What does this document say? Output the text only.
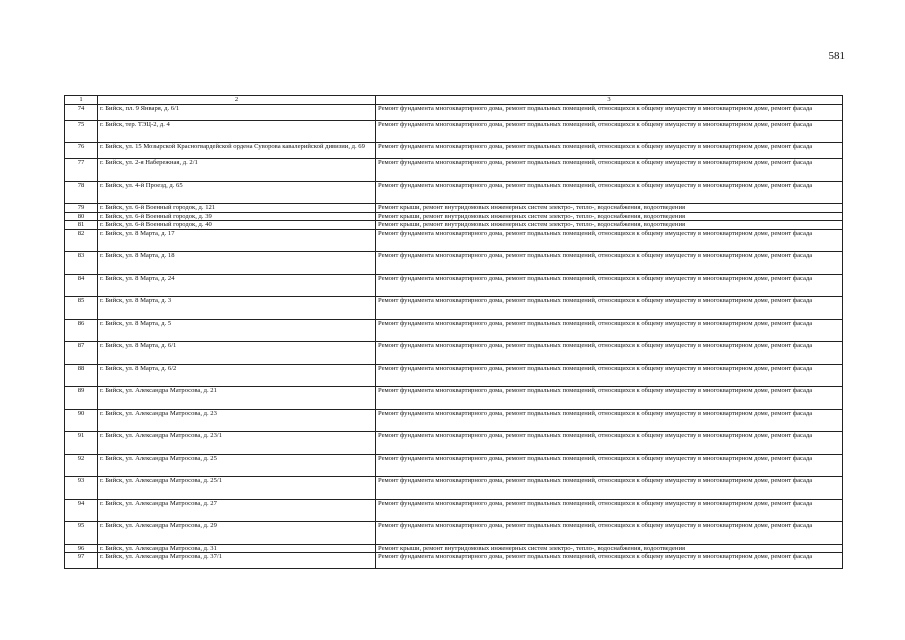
581
1	2	3
74	г. Бийск, пл. 9 Января, д. 6/1	Ремонт фундамента многоквартирного дома, ремонт подвальных помещений, относящихся к общему имуществу в многоквартирном доме, ремонт фасада
75	г. Бийск, тер. ТЭЦ-2, д. 4	Ремонт фундамента многоквартирного дома, ремонт подвальных помещений, относящихся к общему имуществу в многоквартирном доме, ремонт фасада
76	г. Бийск, ул. 15 Мозырской Красногвардейской ордена Суворова кавалерийской дивизии, д. 69	Ремонт фундамента многоквартирного дома, ремонт подвальных помещений, относящихся к общему имуществу в многоквартирном доме, ремонт фасада
77	г. Бийск, ул. 2-я Набережная, д. 2/1	Ремонт фундамента многоквартирного дома, ремонт подвальных помещений, относящихся к общему имуществу в многоквартирном доме, ремонт фасада
78	г. Бийск, ул. 4-й Проезд, д. 65	Ремонт фундамента многоквартирного дома, ремонт подвальных помещений, относящихся к общему имуществу в многоквартирном доме, ремонт фасада
79	г. Бийск, ул. 6-й Военный городок, д. 121	Ремонт крыши, ремонт внутридомовых инженерных систем электро-, тепло-, водоснабжения, водоотведения
80	г. Бийск, ул. 6-й Военный городок, д. 39	Ремонт крыши, ремонт внутридомовых инженерных систем электро-, тепло-, водоснабжения, водоотведения
81	г. Бийск, ул. 6-й Военный городок, д. 40	Ремонт крыши, ремонт внутридомовых инженерных систем электро-, тепло-, водоснабжения, водоотведения
82	г. Бийск, ул. 8 Марта, д. 17	Ремонт фундамента многоквартирного дома, ремонт подвальных помещений, относящихся к общему имуществу в многоквартирном доме, ремонт фасада
83	г. Бийск, ул. 8 Марта, д. 18	Ремонт фундамента многоквартирного дома, ремонт подвальных помещений, относящихся к общему имуществу в многоквартирном доме, ремонт фасада
84	г. Бийск, ул. 8 Марта, д. 24	Ремонт фундамента многоквартирного дома, ремонт подвальных помещений, относящихся к общему имуществу в многоквартирном доме, ремонт фасада
85	г. Бийск, ул. 8 Марта, д. 3	Ремонт фундамента многоквартирного дома, ремонт подвальных помещений, относящихся к общему имуществу в многоквартирном доме, ремонт фасада
86	г. Бийск, ул. 8 Марта, д. 5	Ремонт фундамента многоквартирного дома, ремонт подвальных помещений, относящихся к общему имуществу в многоквартирном доме, ремонт фасада
87	г. Бийск, ул. 8 Марта, д. 6/1	Ремонт фундамента многоквартирного дома, ремонт подвальных помещений, относящихся к общему имуществу в многоквартирном доме, ремонт фасада
88	г. Бийск, ул. 8 Марта, д. 6/2	Ремонт фундамента многоквартирного дома, ремонт подвальных помещений, относящихся к общему имуществу в многоквартирном доме, ремонт фасада
89	г. Бийск, ул. Александра Матросова, д. 21	Ремонт фундамента многоквартирного дома, ремонт подвальных помещений, относящихся к общему имуществу в многоквартирном доме, ремонт фасада
90	г. Бийск, ул. Александра Матросова, д. 23	Ремонт фундамента многоквартирного дома, ремонт подвальных помещений, относящихся к общему имуществу в многоквартирном доме, ремонт фасада
91	г. Бийск, ул. Александра Матросова, д. 23/1	Ремонт фундамента многоквартирного дома, ремонт подвальных помещений, относящихся к общему имуществу в многоквартирном доме, ремонт фасада
92	г. Бийск, ул. Александра Матросова, д. 25	Ремонт фундамента многоквартирного дома, ремонт подвальных помещений, относящихся к общему имуществу в многоквартирном доме, ремонт фасада
93	г. Бийск, ул. Александра Матросова, д. 25/1	Ремонт фундамента многоквартирного дома, ремонт подвальных помещений, относящихся к общему имуществу в многоквартирном доме, ремонт фасада
94	г. Бийск, ул. Александра Матросова, д. 27	Ремонт фундамента многоквартирного дома, ремонт подвальных помещений, относящихся к общему имуществу в многоквартирном доме, ремонт фасада
95	г. Бийск, ул. Александра Матросова, д. 29	Ремонт фундамента многоквартирного дома, ремонт подвальных помещений, относящихся к общему имуществу в многоквартирном доме, ремонт фасада
96	г. Бийск, ул. Александра Матросова, д. 31	Ремонт крыши, ремонт внутридомовых инженерных систем электро-, тепло-, водоснабжения, водоотведения
97	г. Бийск, ул. Александра Матросова, д. 37/1	Ремонт фундамента многоквартирного дома, ремонт подвальных помещений, относящихся к общему имуществу в многоквартирном доме, ремонт фасада
